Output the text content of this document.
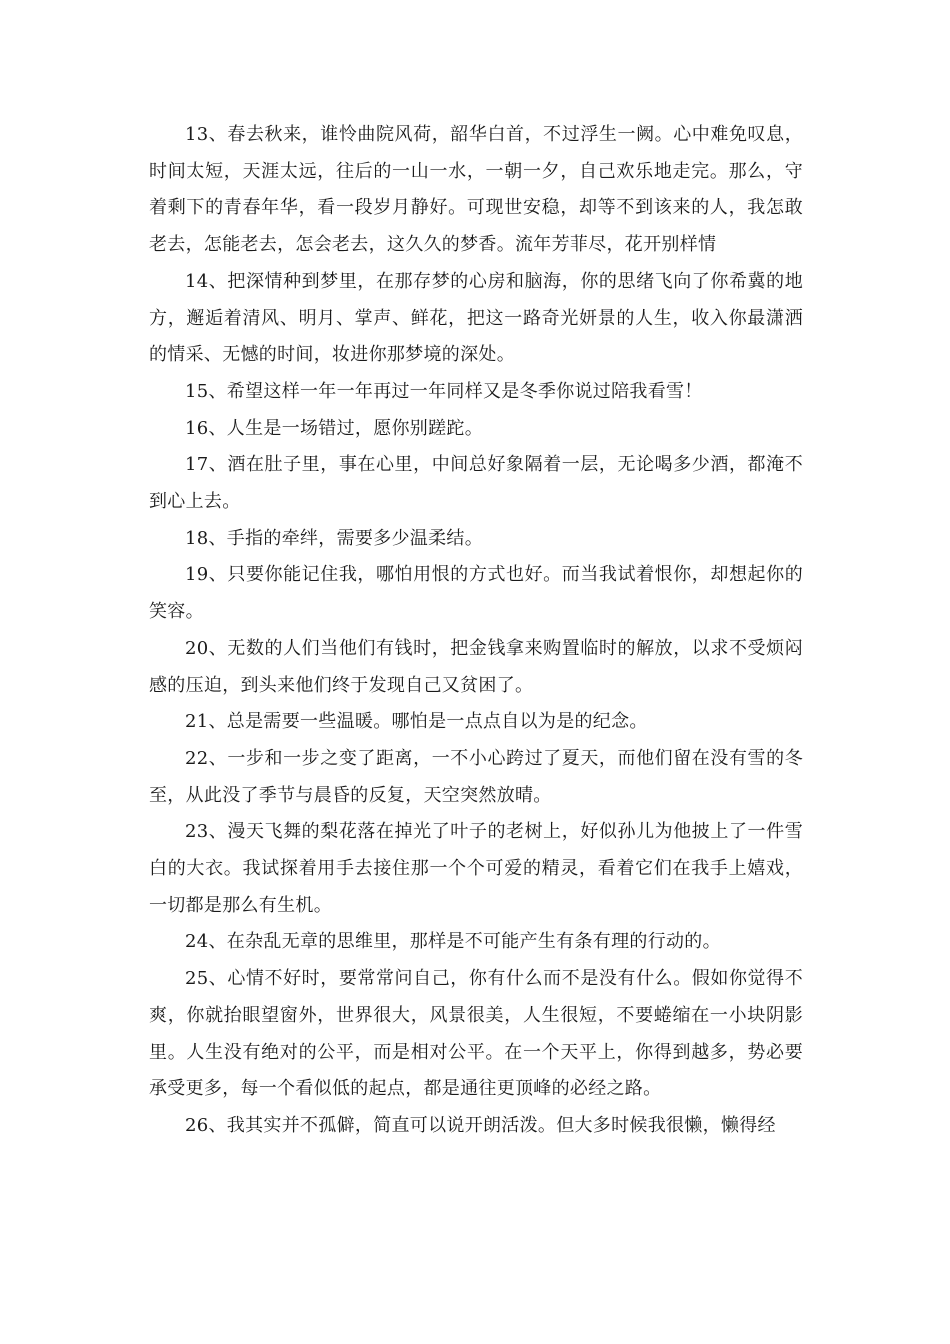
13、春去秋来，谁怜曲院风荷，韶华白首，不过浮生一阙。心中难免叹息，时间太短，天涯太远，往后的一山一水，一朝一夕，自己欢乐地走完。那么，守着剩下的青春年华，看一段岁月静好。可现世安稳，却等不到该来的人，我怎敢老去，怎能老去，怎会老去，这久久的梦香。流年芳菲尽，花开别样情

14、把深情种到梦里，在那存梦的心房和脑海，你的思绪飞向了你希冀的地方，邂逅着清风、明月、掌声、鲜花，把这一路奇光妍景的人生，收入你最潇洒的情采、无憾的时间，妆进你那梦境的深处。

15、希望这样一年一年再过一年同样又是冬季你说过陪我看雪！

16、人生是一场错过，愿你别蹉跎。

17、酒在肚子里，事在心里，中间总好象隔着一层，无论喝多少酒，都淹不到心上去。

18、手指的牵绊，需要多少温柔结。

19、只要你能记住我，哪怕用恨的方式也好。而当我试着恨你，却想起你的笑容。

20、无数的人们当他们有钱时，把金钱拿来购置临时的解放，以求不受烦闷感的压迫，到头来他们终于发现自己又贫困了。

21、总是需要一些温暖。哪怕是一点点自以为是的纪念。

22、一步和一步之变了距离，一不小心跨过了夏天，而他们留在没有雪的冬至，从此没了季节与晨昏的反复，天空突然放晴。

23、漫天飞舞的梨花落在掉光了叶子的老树上，好似孙儿为他披上了一件雪白的大衣。我试探着用手去接住那一个个可爱的精灵，看着它们在我手上嬉戏，一切都是那么有生机。

24、在杂乱无章的思维里，那样是不可能产生有条有理的行动的。

25、心情不好时，要常常问自己，你有什么而不是没有什么。假如你觉得不爽，你就抬眼望窗外，世界很大，风景很美，人生很短，不要蜷缩在一小块阴影里。人生没有绝对的公平，而是相对公平。在一个天平上，你得到越多，势必要承受更多，每一个看似低的起点，都是通往更顶峰的必经之路。

26、我其实并不孤僻，简直可以说开朗活泼。但大多时候我很懒，懒得经
